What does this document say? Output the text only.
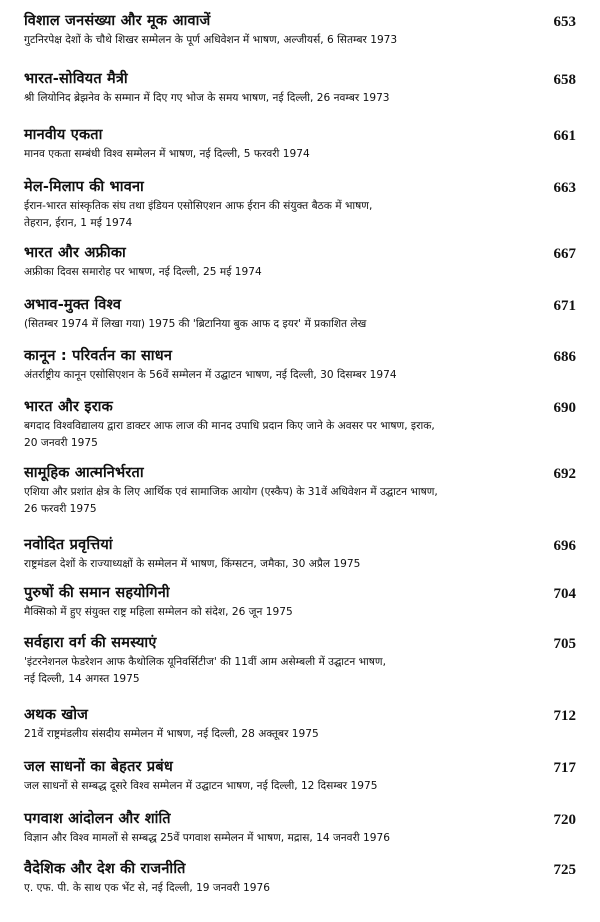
विशाल जनसंख्या और मूक आवाजें	653
गुटनिरपेक्ष देशों के चौथे शिखर सम्मेलन के पूर्ण अधिवेशन में भाषण, अल्जीयर्स, 6 सितम्बर 1973
भारत-सोवियत मैत्री	658
श्री लियोनिद ब्रेझनेव के सम्मान में दिए गए भोज के समय भाषण, नई दिल्ली, 26 नवम्बर 1973
मानवीय एकता	661
मानव एकता सम्बंधी विश्व सम्मेलन में भाषण, नई दिल्ली, 5 फरवरी 1974
मेल-मिलाप की भावना	663
ईरान-भारत सांस्कृतिक संघ तथा इंडियन एसोसिएशन आफ ईरान की संयुक्त बैठक में भाषण,
तेहरान, ईरान, 1 मई 1974
भारत और अफ्रीका	667
अफ्रीका दिवस समारोह पर भाषण, नई दिल्ली, 25 मई 1974
अभाव-मुक्त विश्व	671
(सितम्बर 1974 में लिखा गया) 1975 की 'ब्रिटानिया बुक आफ द इयर' में प्रकाशित लेख
कानून : परिवर्तन का साधन	686
अंतर्राष्ट्रीय कानून एसोसिएशन के 56वें सम्मेलन में उद्घाटन भाषण, नई दिल्ली, 30 दिसम्बर 1974
भारत और इराक	690
बगदाद विश्वविद्यालय द्वारा डाक्टर आफ लाज की मानद उपाधि प्रदान किए जाने के अवसर पर भाषण, इराक,
20 जनवरी 1975
सामूहिक आत्मनिर्भरता	692
एशिया और प्रशांत क्षेत्र के लिए आर्थिक एवं सामाजिक आयोग (एस्कैप) के 31वें अधिवेशन में उद्घाटन भाषण,
26 फरवरी 1975
नवोदित प्रवृत्तियां	696
राष्ट्रमंडल देशों के राज्याध्यक्षों के सम्मेलन में भाषण, किंग्सटन, जमैका, 30 अप्रैल 1975
पुरुषों की समान सहयोगिनी	704
मैक्सिको में हुए संयुक्त राष्ट्र महिला सम्मेलन को संदेश, 26 जून 1975
सर्वहारा वर्ग की समस्याएं	705
'इंटरनेशनल फेडरेशन आफ कैथोलिक यूनिवर्सिटीज' की 11वीं आम असेम्बली में उद्घाटन भाषण,
नई दिल्ली, 14 अगस्त 1975
अथक खोज	712
21वें राष्ट्रमंडलीय संसदीय सम्मेलन में भाषण, नई दिल्ली, 28 अक्तूबर 1975
जल साधनों का बेहतर प्रबंध	717
जल साधनों से सम्बद्ध दूसरे विश्व सम्मेलन में उद्घाटन भाषण, नई दिल्ली, 12 दिसम्बर 1975
पगवाश आंदोलन और शांति	720
विज्ञान और विश्व मामलों से सम्बद्ध 25वें पगवाश सम्मेलन में भाषण, मद्रास, 14 जनवरी 1976
वैदेशिक और देश की राजनीति	725
ए. एफ. पी. के साथ एक भेंट से, नई दिल्ली, 19 जनवरी 1976
